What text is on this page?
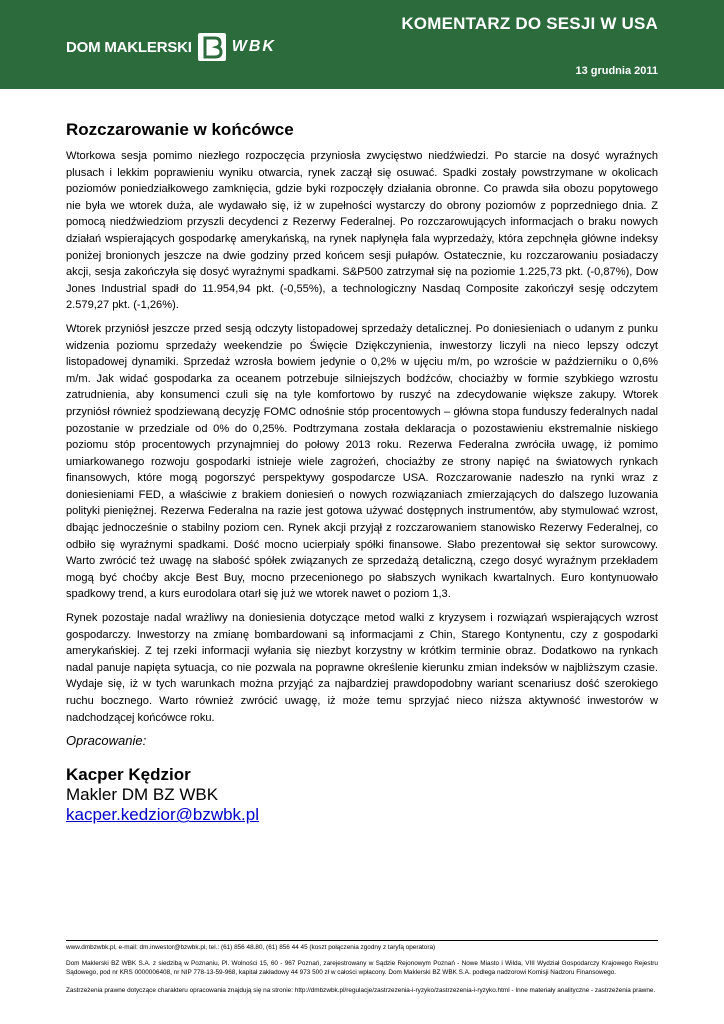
DOM MAKLERSKI	WBK
KOMENTARZ DO SESJI W USA
13 grudnia 2011
Rozczarowanie w końcówce

Wtorkowa sesja pomimo niezłego rozpoczęcia przyniosła zwycięstwo niedźwiedzi. Po starcie na dosyć wyraźnych plusach i lekkim poprawieniu wyniku otwarcia, rynek zaczął się osuwać. Spadki zostały powstrzymane w okolicach poziomów poniedziałkowego zamknięcia, gdzie byki rozpoczęły działania obronne. Co prawda siła obozu popytowego nie była we wtorek duża, ale wydawało się, iż w zupełności wystarczy do obrony poziomów z poprzedniego dnia. Z pomocą niedźwiedziom przyszli decydenci z Rezerwy Federalnej. Po rozczarowujących informacjach o braku nowych działań wspierających gospodarkę amerykańską, na rynek napłynęła fala wyprzedaży, która zepchnęła główne indeksy poniżej bronionych jeszcze na dwie godziny przed końcem sesji pułapów. Ostatecznie, ku rozczarowaniu posiadaczy akcji, sesja zakończyła się dosyć wyraźnymi spadkami. S&P500 zatrzymał się na poziomie 1.225,73 pkt. (-0,87%), Dow Jones Industrial spadł do 11.954,94 pkt. (-0,55%), a technologiczny Nasdaq Composite zakończył sesję odczytem 2.579,27 pkt. (-1,26%).

Wtorek przyniósł jeszcze przed sesją odczyty listopadowej sprzedaży detalicznej. Po doniesieniach o udanym z punku widzenia poziomu sprzedaży weekendzie po Święcie Dziękczynienia, inwestorzy liczyli na nieco lepszy odczyt listopadowej dynamiki. Sprzedaż wzrosła bowiem jedynie o 0,2% w ujęciu m/m, po wzroście w październiku o 0,6% m/m. Jak widać gospodarka za oceanem potrzebuje silniejszych bodźców, chociażby w formie szybkiego wzrostu zatrudnienia, aby konsumenci czuli się na tyle komfortowo by ruszyć na zdecydowanie większe zakupy. Wtorek przyniósł również spodziewaną decyzję FOMC odnośnie stóp procentowych – główna stopa funduszy federalnych nadal pozostanie w przedziale od 0% do 0,25%. Podtrzymana została deklaracja o pozostawieniu ekstremalnie niskiego poziomu stóp procentowych przynajmniej do połowy 2013 roku. Rezerwa Federalna zwróciła uwagę, iż pomimo umiarkowanego rozwoju gospodarki istnieje wiele zagrożeń, chociażby ze strony napięć na światowych rynkach finansowych, które mogą pogorszyć perspektywy gospodarcze USA. Rozczarowanie nadeszło na rynki wraz z doniesieniami FED, a właściwie z brakiem doniesień o nowych rozwiązaniach zmierzających do dalszego luzowania polityki pieniężnej. Rezerwa Federalna na razie jest gotowa używać dostępnych instrumentów, aby stymulować wzrost, dbając jednocześnie o stabilny poziom cen. Rynek akcji przyjął z rozczarowaniem stanowisko Rezerwy Federalnej, co odbiło się wyraźnymi spadkami. Dość mocno ucierpiały spółki finansowe. Słabo prezentował się sektor surowcowy. Warto zwrócić też uwagę na słabość spółek związanych ze sprzedażą detaliczną, czego dosyć wyraźnym przekładem mogą być choćby akcje Best Buy, mocno przecenionego po słabszych wynikach kwartalnych. Euro kontynuowało spadkowy trend, a kurs eurodolara otarł się już we wtorek nawet o poziom 1,3.

Rynek pozostaje nadal wrażliwy na doniesienia dotyczące metod walki z kryzysem i rozwiązań wspierających wzrost gospodarczy. Inwestorzy na zmianę bombardowani są informacjami z Chin, Starego Kontynentu, czy z gospodarki amerykańskiej. Z tej rzeki informacji wyłania się niezbyt korzystny w krótkim terminie obraz. Dodatkowo na rynkach nadal panuje napięta sytuacja, co nie pozwala na poprawne określenie kierunku zmian indeksów w najbliższym czasie. Wydaje się, iż w tych warunkach można przyjąć za najbardziej prawdopodobny wariant scenariusz dość szerokiego ruchu bocznego. Warto również zwrócić uwagę, iż może temu sprzyjać nieco niższa aktywność inwestorów w nadchodzącej końcówce roku.

Opracowanie:
Kacper Kędzior
Makler DM BZ WBK
kacper.kedzior@bzwbk.pl

www.dmbzwbk.pl, e-mail: dm.inwestor@bzwbk.pl, tel.: (61) 856 48.80, (61) 856 44 45 (koszt połączenia zgodny z taryfą operatora)

Dom Maklerski BZ WBK S.A. z siedzibą w Poznaniu, Pl. Wolności 15, 60 - 967 Poznań, zarejestrowany w Sądzie Rejonowym Poznań - Nowe Miasto i Wilda, VIII Wydział Gospodarczy Krajowego Rejestru Sądowego, pod nr KRS 0000006408, nr NIP 778-13-59-968, kapitał zakładowy 44 973 500 zł w całości wpłacony. Dom Maklerski BZ WBK S.A. podlega nadzorowi Komisji Nadzoru Finansowego.

Zastrzeżenia prawne dotyczące charakteru opracowania znajdują się na stronie: http://dmbzwbk.pl/regulacje/zastrzezenia-i-ryzyko/zastrzezenia-i-ryzyko.html - Inne materiały analityczne - zastrzeżenia prawne.
